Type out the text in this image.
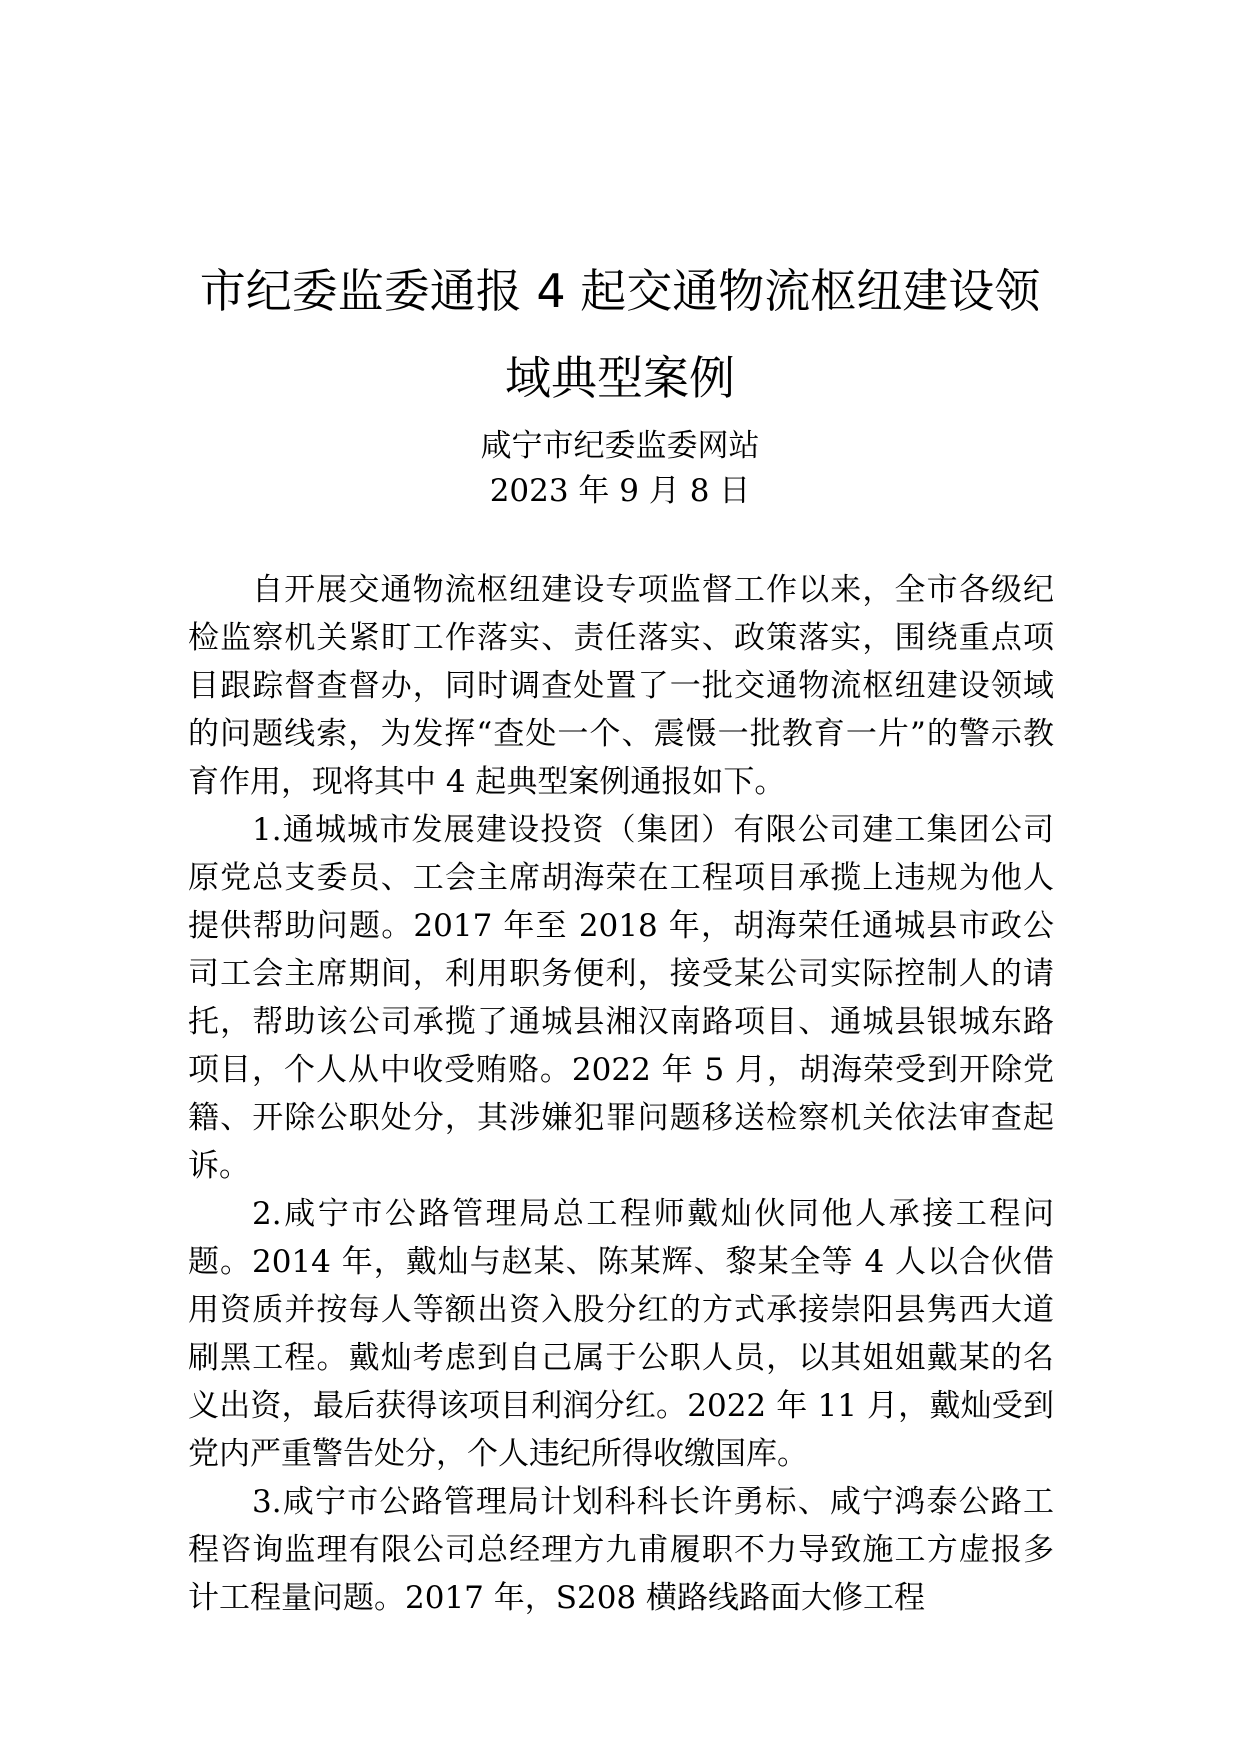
市纪委监委通报 4 起交通物流枢纽建设领
域典型案例
咸宁市纪委监委网站
2023 年 9 月 8 日

自开展交通物流枢纽建设专项监督工作以来，全市各级纪检监察机关紧盯工作落实、责任落实、政策落实，围绕重点项目跟踪督查督办，同时调查处置了一批交通物流枢纽建设领域的问题线索，为发挥“查处一个、震慑一批教育一片”的警示教育作用，现将其中 4 起典型案例通报如下。

1.通城城市发展建设投资（集团）有限公司建工集团公司原党总支委员、工会主席胡海荣在工程项目承揽上违规为他人提供帮助问题。2017 年至 2018 年，胡海荣任通城县市政公司工会主席期间，利用职务便利，接受某公司实际控制人的请托，帮助该公司承揽了通城县湘汉南路项目、通城县银城东路项目，个人从中收受贿赂。2022 年 5 月，胡海荣受到开除党籍、开除公职处分，其涉嫌犯罪问题移送检察机关依法审查起诉。

2.咸宁市公路管理局总工程师戴灿伙同他人承接工程问题。2014 年，戴灿与赵某、陈某辉、黎某全等 4 人以合伙借用资质并按每人等额出资入股分红的方式承接崇阳县隽西大道刷黑工程。戴灿考虑到自己属于公职人员，以其姐姐戴某的名义出资，最后获得该项目利润分红。2022 年 11 月，戴灿受到党内严重警告处分，个人违纪所得收缴国库。

3.咸宁市公路管理局计划科科长许勇标、咸宁鸿泰公路工程咨询监理有限公司总经理方九甫履职不力导致施工方虚报多计工程量问题。2017 年，S208 横路线路面大修工程
